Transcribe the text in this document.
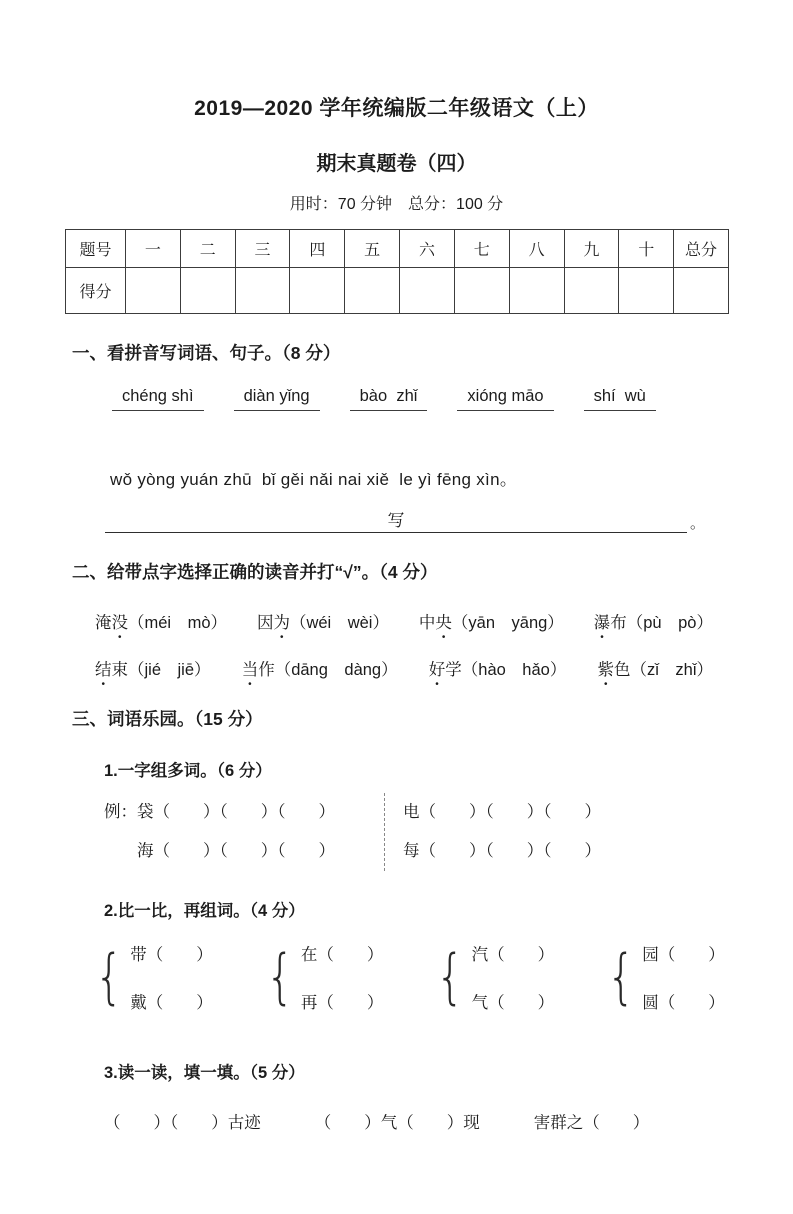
2019—2020 学年统编版二年级语文（上）
期末真题卷（四）
用时：70 分钟　总分：100 分
题号	一	二	三	四	五	六	七	八	九	十	总分
得分											
一、看拼音写词语、句子。（8 分）
chéng shì	diàn yǐng	bào  zhǐ	xióng māo	shí  wù
wǒ yòng yuán zhū  bǐ gěi nǎi nai xiě  le yì fēng xìn。
写	。
二、给带点字选择正确的读音并打“√”。（4 分）
淹没（méi　mò） 因为（wéi　wèi） 中央（yān　yāng） 瀑布（pù　pò）
结束（jié　jiē） 当作（dāng　dàng） 好学（hào　hǎo） 紫色（zǐ　zhǐ）
三、词语乐园。（15 分）
1.一字组多词。（6 分）
例：袋（　　）（　　）（　　）
　　海（　　）（　　）（　　）
电（　　）（　　）（　　）
每（　　）（　　）（　　）
2.比一比，再组词。（4 分）
{ 带（　　）
戴（　　） { 在（　　）
再（　　） { 汽（　　）
气（　　） { 园（　　）
圆（　　）
3.读一读，填一填。（5 分）
（　　）（　　）古迹	（　　）气（　　）现	害群之（　　）
